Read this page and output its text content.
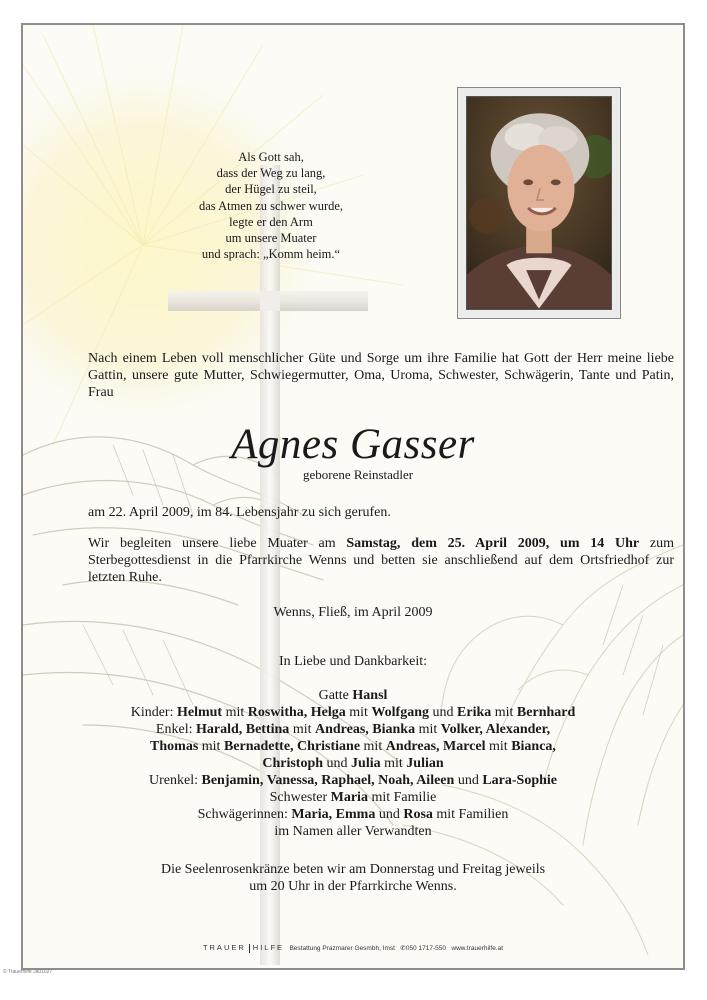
Als Gott sah,
dass der Weg zu lang,
der Hügel zu steil,
das Atmen zu schwer wurde,
legte er den Arm
um unsere Muater
und sprach: „Komm heim.“
Nach einem Leben voll menschlicher Güte und Sorge um ihre Familie hat Gott der Herr meine liebe Gattin, unsere gute Mutter, Schwiegermutter, Oma, Uroma, Schwester, Schwägerin, Tante und Patin, Frau
Agnes Gasser
geborene Reinstadler
am 22. April 2009, im 84. Lebensjahr zu sich gerufen.
Wir begleiten unsere liebe Muater am Samstag, dem 25. April 2009, um 14 Uhr zum Sterbegottesdienst in die Pfarrkirche Wenns und betten sie anschließend auf dem Ortsfriedhof zur letzten Ruhe.
Wenns, Fließ, im April 2009
In Liebe und Dankbarkeit:
Gatte Hansl
Kinder: Helmut mit Roswitha, Helga mit Wolfgang und Erika mit Bernhard
Enkel: Harald, Bettina mit Andreas, Bianka mit Volker, Alexander,
Thomas mit Bernadette, Christiane mit Andreas, Marcel mit Bianca,
Christoph und Julia mit Julian
Urenkel: Benjamin, Vanessa, Raphael, Noah, Aileen und Lara-Sophie
Schwester Maria mit Familie
Schwägerinnen: Maria, Emma und Rosa mit Familien
im Namen aller Verwandten
Die Seelenrosenkränze beten wir am Donnerstag und Freitag jeweils
um 20 Uhr in der Pfarrkirche Wenns.
TRAUER HILFE Bestattung Prazmarer Gesmbh, Imst ✆050 1717-550 www.trauerhilfe.at
© Trauerhilfe Ja01027
